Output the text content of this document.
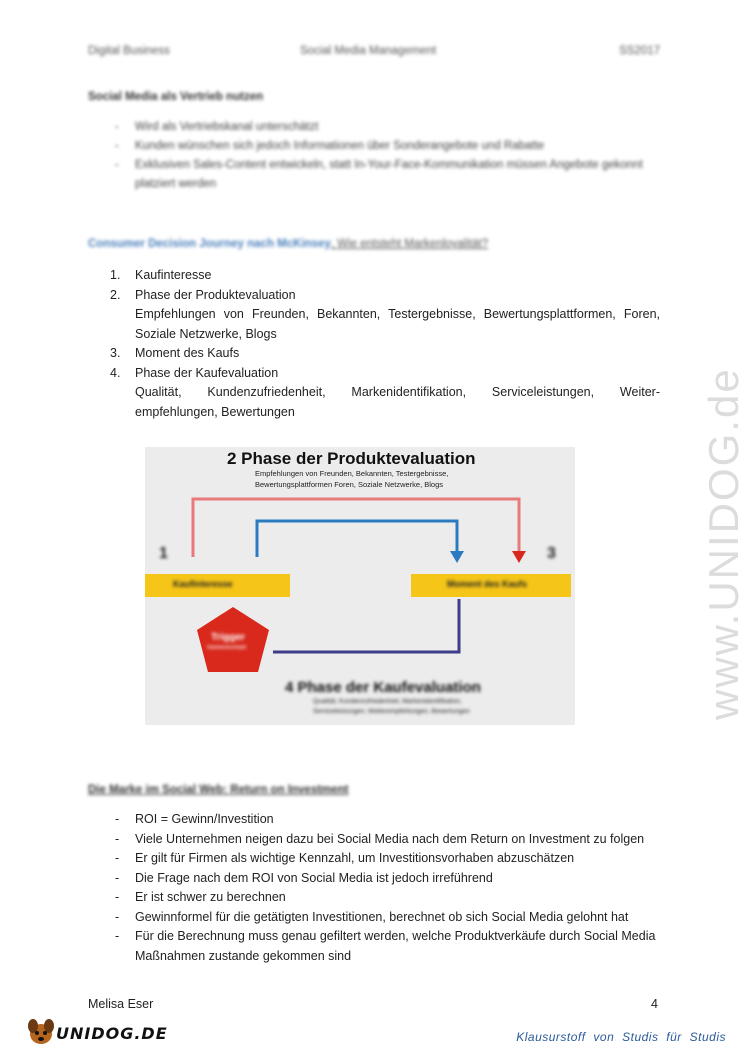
www.UNIDOG.de
Digital Business	Social Media Management	SS2017
Social Media als Vertrieb nutzen
- Wird als Vertriebskanal unterschätzt
- Kunden wünschen sich jedoch Informationen über Sonderangebote und Rabatte
- Exklusiven Sales-Content entwickeln, statt In-Your-Face-Kommunikation müssen Angebote gekonnt platziert werden
Consumer Decision Journey nach McKinsey, Wie entsteht Markenloyalität?
1. Kaufinteresse
2. Phase der Produktevaluation
Empfehlungen von Freunden, Bekannten, Testergebnisse, Bewertungsplattformen, Foren,
Soziale Netzwerke, Blogs
3. Moment des Kaufs
4. Phase der Kaufevaluation
Qualität, Kundenzufriedenheit, Markenidentifikation, Serviceleistungen, Weiter-
empfehlungen, Bewertungen
2 Phase der Produktevaluation
Empfehlungen von Freunden, Bekannten, Testergebnisse,
Bewertungsplattformen Foren, Soziale Netzwerke, Blogs
1	3
Kaufinteresse	Moment des Kaufs
Trigger
Markenkontakt
4 Phase der Kaufevaluation
Qualität, Kundenzufriedenheit, Markenidentifikation,
Serviceleistungen, Weiterempfehlungen, Bewertungen
Die Marke im Social Web: Return on Investment
- ROI = Gewinn/Investition
- Viele Unternehmen neigen dazu bei Social Media nach dem Return on Investment zu folgen
- Er gilt für Firmen als wichtige Kennzahl, um Investitionsvorhaben abzuschätzen
- Die Frage nach dem ROI von Social Media ist jedoch irreführend
- Er ist schwer zu berechnen
- Gewinnformel für die getätigten Investitionen, berechnet ob sich Social Media gelohnt hat
- Für die Berechnung muss genau gefiltert werden, welche Produktverkäufe durch Social Media Maßnahmen zustande gekommen sind
Melisa Eser	4
UNIDOG.DE	Klausurstoff von Studis für Studis
